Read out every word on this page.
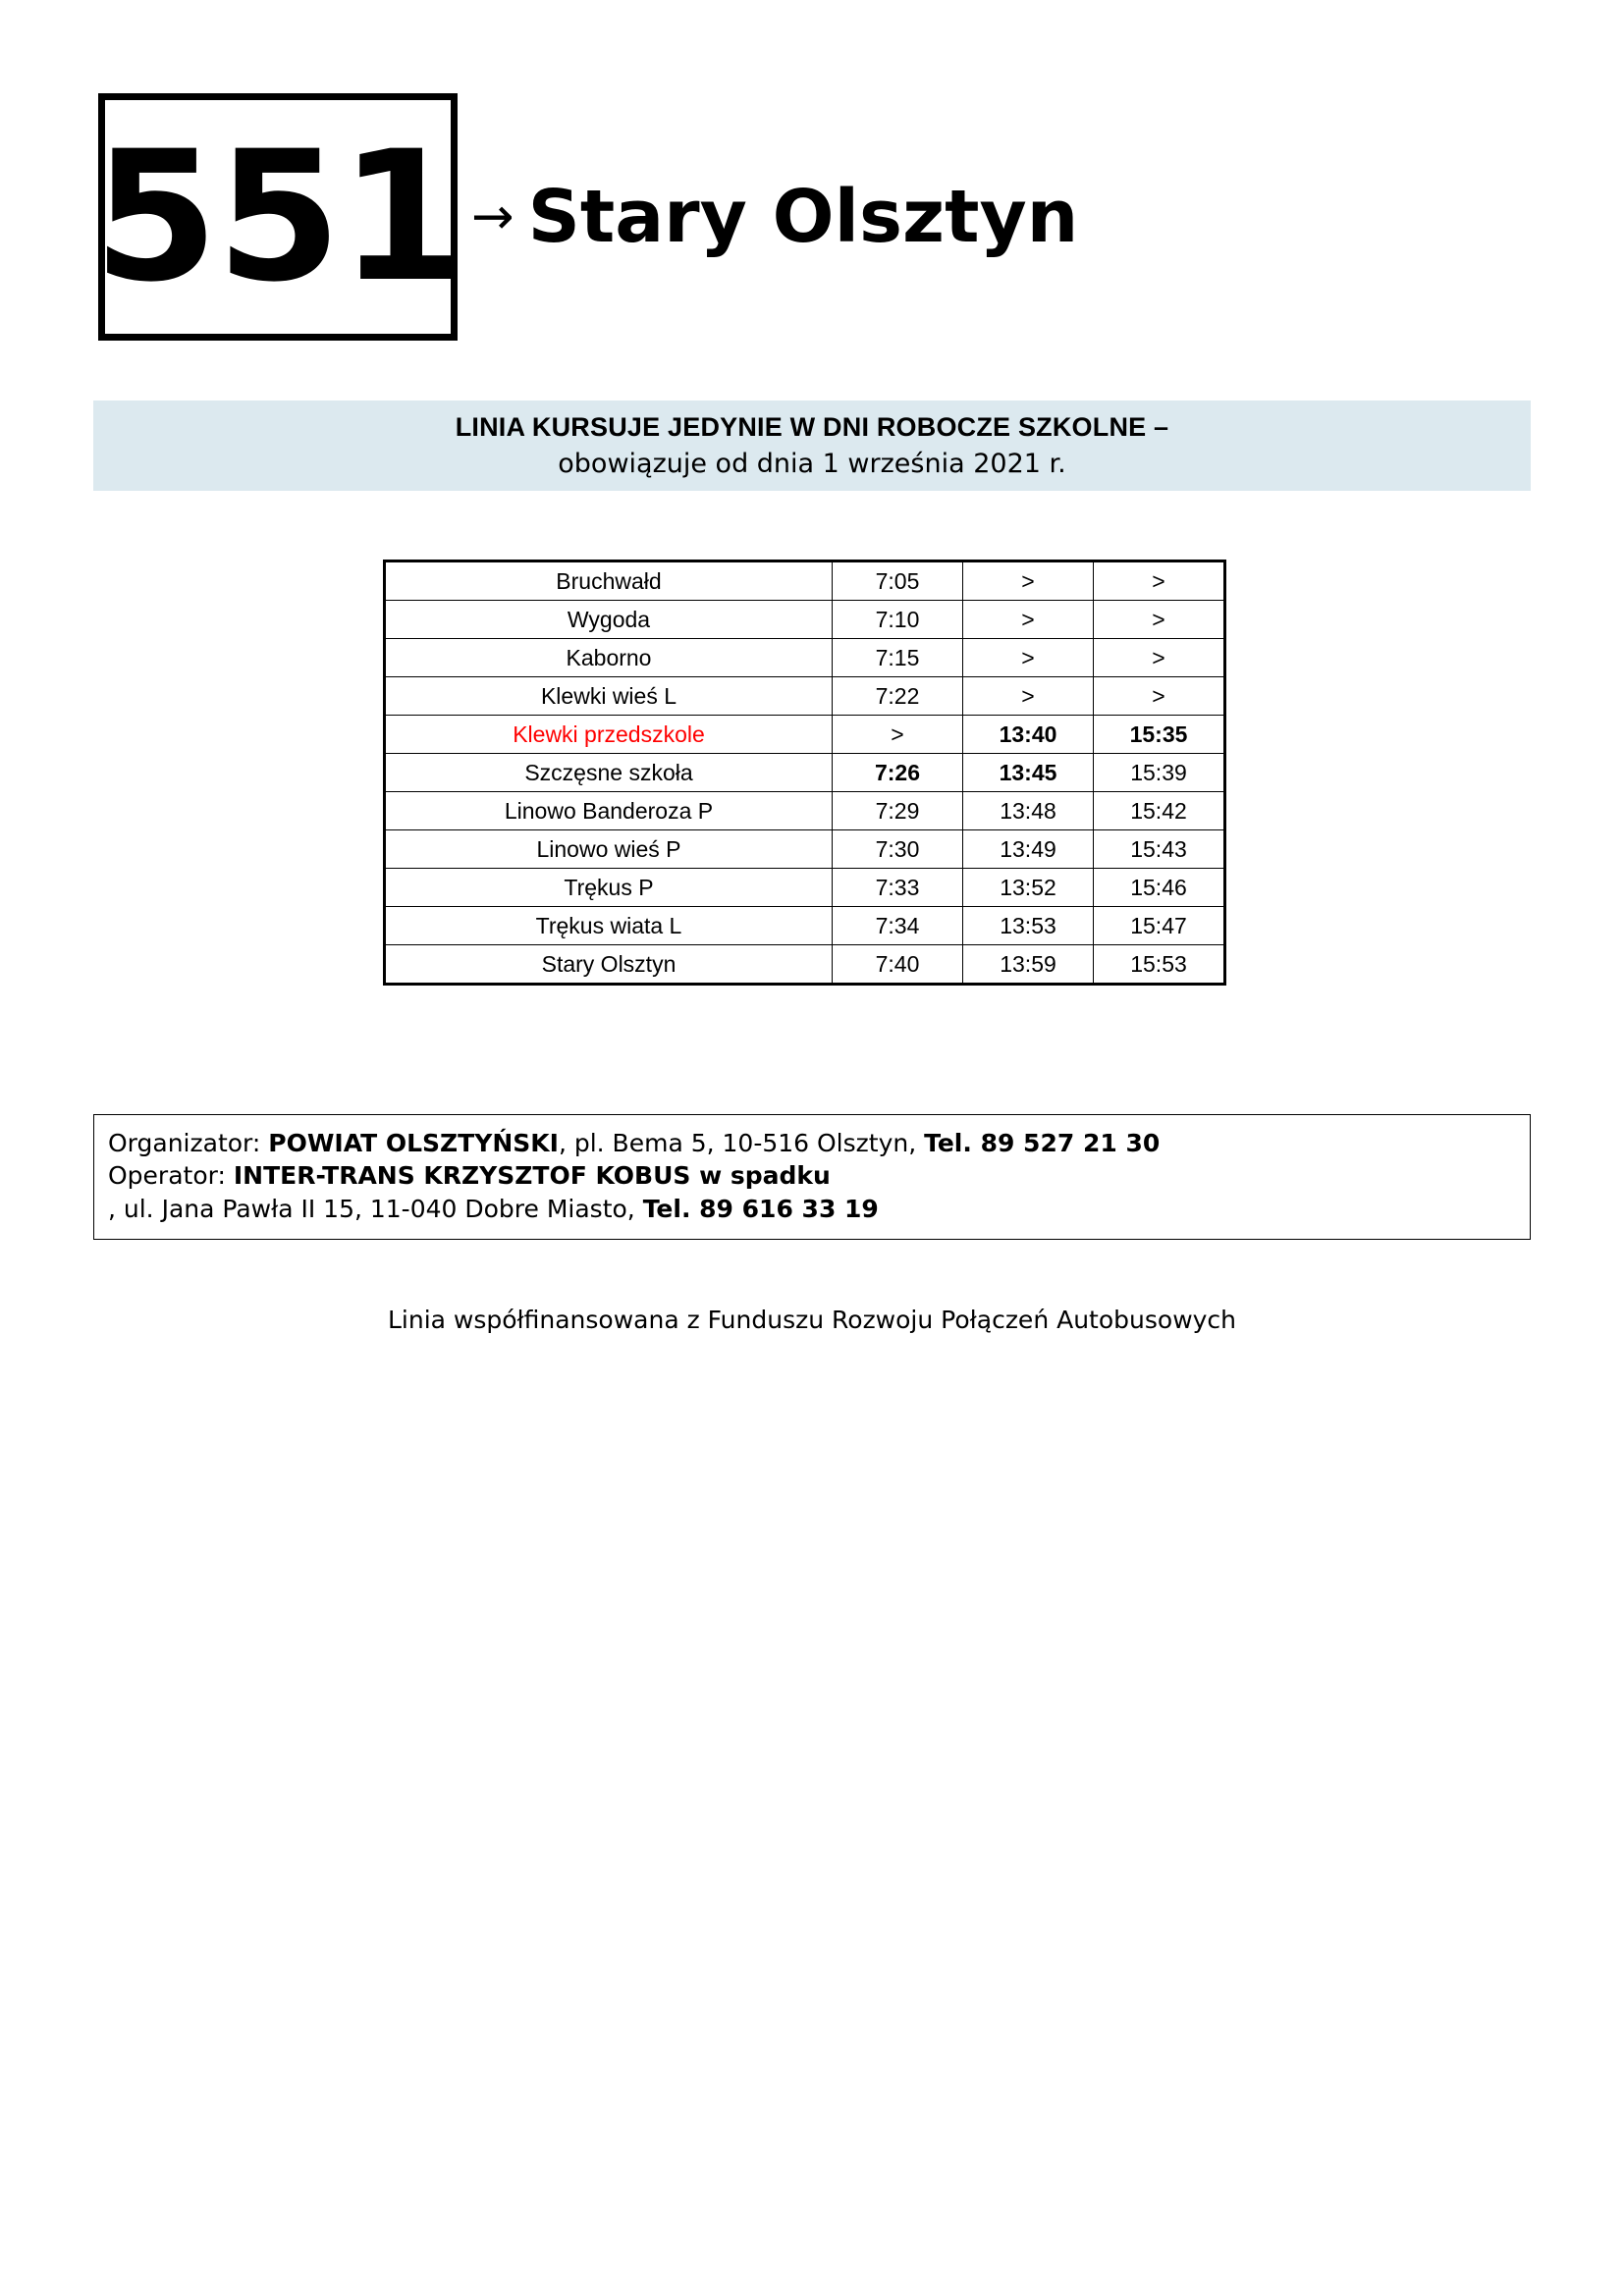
551 → Stary Olsztyn
LINIA KURSUJE JEDYNIE W DNI ROBOCZE SZKOLNE –
obowiązuje od dnia 1 września 2021 r.
Bruchwałd	7:05	>	>
Wygoda	7:10	>	>
Kaborno	7:15	>	>
Klewki wieś L	7:22	>	>
Klewki przedszkole	>	13:40	15:35
Szczęsne szkoła	7:26	13:45	15:39
Linowo Banderoza P	7:29	13:48	15:42
Linowo wieś P	7:30	13:49	15:43
Trękus P	7:33	13:52	15:46
Trękus wiata L	7:34	13:53	15:47
Stary Olsztyn	7:40	13:59	15:53
Organizator: POWIAT OLSZTYŃSKI, pl. Bema 5, 10-516 Olsztyn, Tel. 89 527 21 30
Operator: INTER-TRANS KRZYSZTOF KOBUS w spadku
, ul. Jana Pawła II 15, 11-040 Dobre Miasto, Tel. 89 616 33 19
Linia współfinansowana z Funduszu Rozwoju Połączeń Autobusowych
